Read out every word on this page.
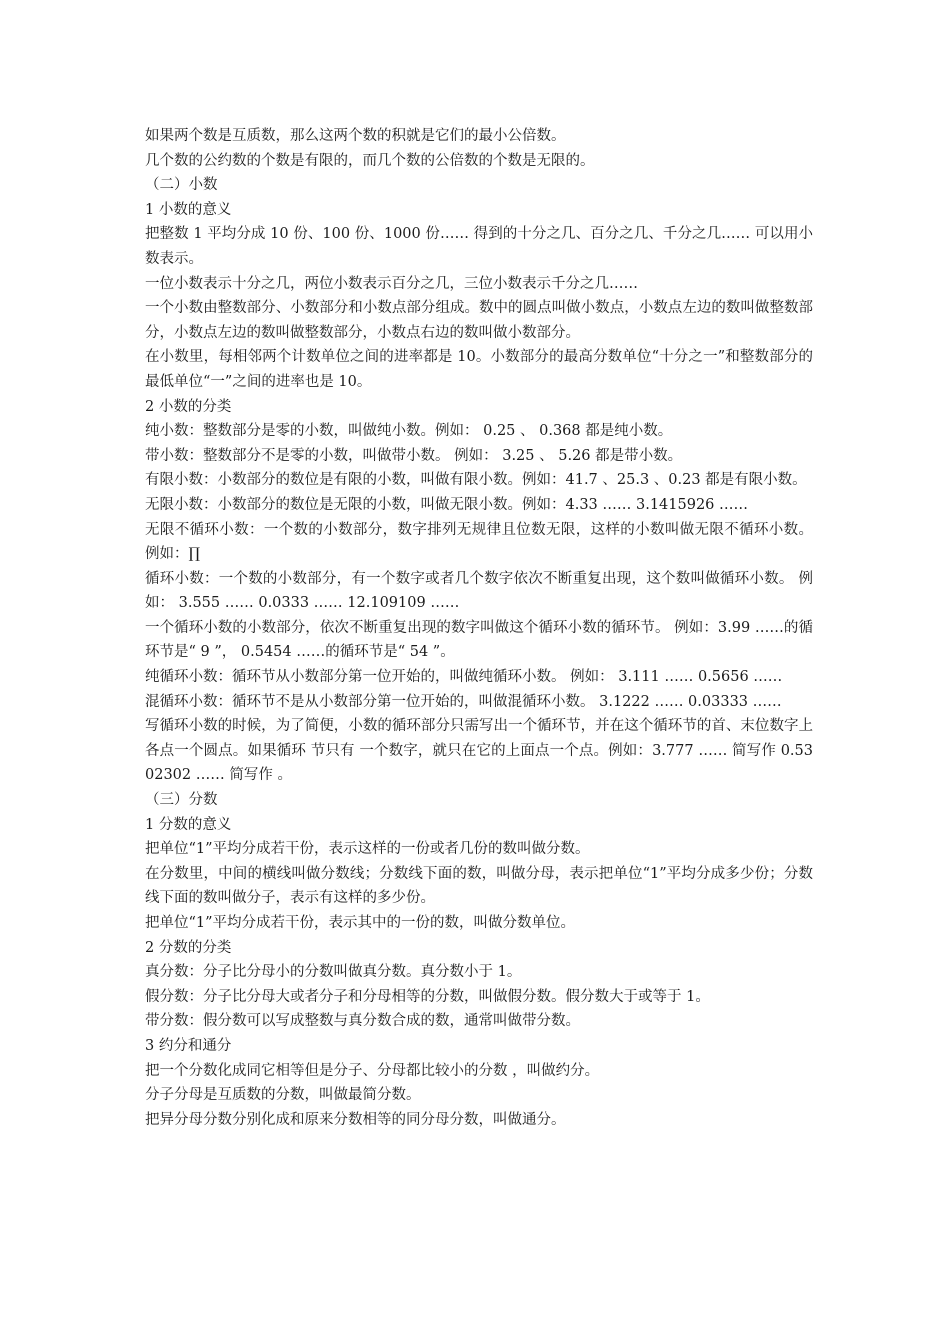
如果两个数是互质数，那么这两个数的积就是它们的最小公倍数。

几个数的公约数的个数是有限的，而几个数的公倍数的个数是无限的。

（二）小数

1 小数的意义

把整数 1 平均分成 10 份、100 份、1000 份…… 得到的十分之几、百分之几、千分之几…… 可以用小数表示。

一位小数表示十分之几，两位小数表示百分之几，三位小数表示千分之几……

一个小数由整数部分、小数部分和小数点部分组成。数中的圆点叫做小数点，小数点左边的数叫做整数部分，小数点左边的数叫做整数部分，小数点右边的数叫做小数部分。

在小数里，每相邻两个计数单位之间的进率都是 10。小数部分的最高分数单位“十分之一”和整数部分的最低单位“一”之间的进率也是 10。

2 小数的分类

纯小数：整数部分是零的小数，叫做纯小数。例如： 0.25 、 0.368 都是纯小数。

带小数：整数部分不是零的小数，叫做带小数。 例如： 3.25 、 5.26 都是带小数。

有限小数：小数部分的数位是有限的小数，叫做有限小数。例如：41.7 、25.3 、0.23 都是有限小数。

无限小数：小数部分的数位是无限的小数，叫做无限小数。例如：4.33 …… 3.1415926 ……

无限不循环小数：一个数的小数部分，数字排列无规律且位数无限，这样的小数叫做无限不循环小数。 例如：∏

循环小数：一个数的小数部分，有一个数字或者几个数字依次不断重复出现，这个数叫做循环小数。 例如： 3.555 …… 0.0333 …… 12.109109 ……

一个循环小数的小数部分，依次不断重复出现的数字叫做这个循环小数的循环节。 例如：3.99 ……的循环节是“ 9 ”， 0.5454 ……的循环节是“ 54 ”。

纯循环小数：循环节从小数部分第一位开始的，叫做纯循环小数。 例如： 3.111 …… 0.5656 ……

混循环小数：循环节不是从小数部分第一位开始的，叫做混循环小数。 3.1222 …… 0.03333 ……

写循环小数的时候，为了简便，小数的循环部分只需写出一个循环节，并在这个循环节的首、末位数字上各点一个圆点。如果循环 节只有 一个数字，就只在它的上面点一个点。例如：3.777 …… 简写作 0.5302302 …… 简写作 。

（三）分数

1 分数的意义

把单位“1”平均分成若干份，表示这样的一份或者几份的数叫做分数。

在分数里，中间的横线叫做分数线；分数线下面的数，叫做分母，表示把单位“1”平均分成多少份；分数线下面的数叫做分子，表示有这样的多少份。

把单位“1”平均分成若干份，表示其中的一份的数，叫做分数单位。

2 分数的分类

真分数：分子比分母小的分数叫做真分数。真分数小于 1。

假分数：分子比分母大或者分子和分母相等的分数，叫做假分数。假分数大于或等于 1。

带分数：假分数可以写成整数与真分数合成的数，通常叫做带分数。

3 约分和通分

把一个分数化成同它相等但是分子、分母都比较小的分数 ，叫做约分。

分子分母是互质数的分数，叫做最简分数。

把异分母分数分别化成和原来分数相等的同分母分数，叫做通分。
